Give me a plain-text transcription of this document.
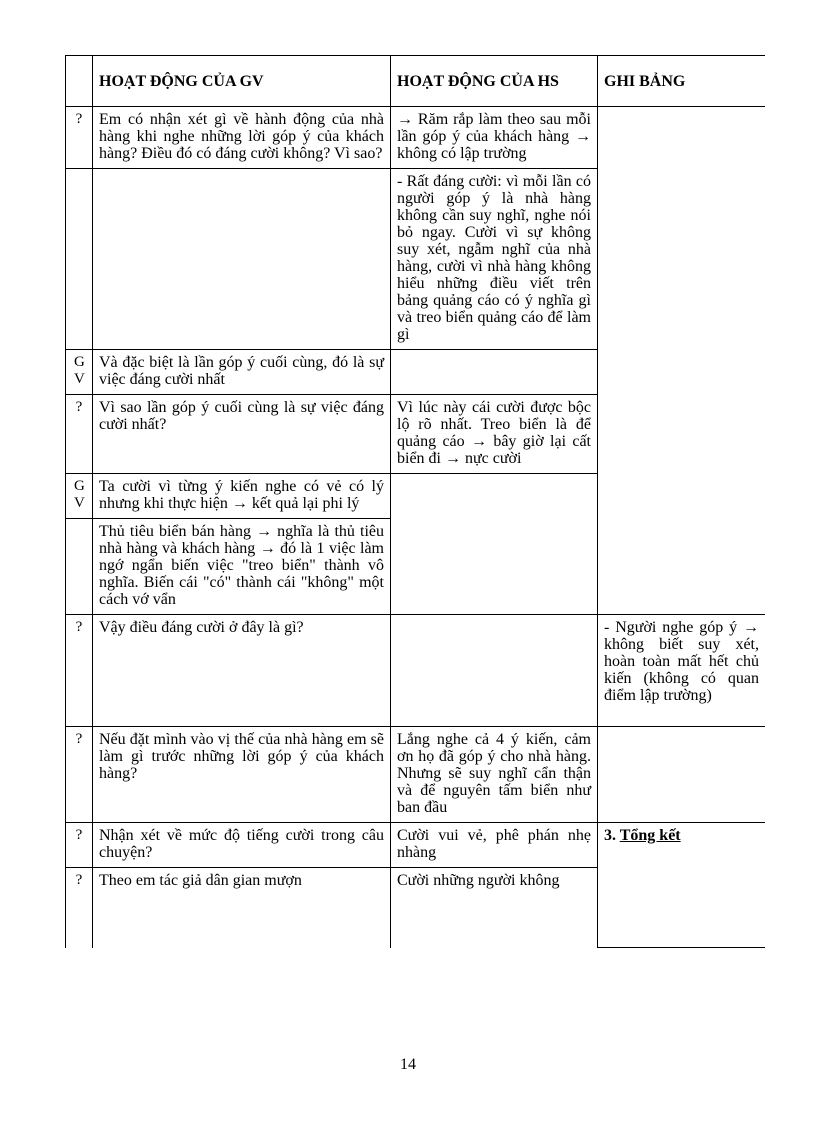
	HOẠT ĐỘNG CỦA GV	HOẠT ĐỘNG CỦA HS	GHI BẢNG

?	Em có nhận xét gì về hành động của nhà hàng khi nghe những lời góp ý của khách hàng? Điều đó có đáng cười không? Vì sao?	→ Răm rắp làm theo sau mỗi lần góp ý của khách hàng → không có lập trường	

		- Rất đáng cười: vì mỗi lần có người góp ý là nhà hàng không cần suy nghĩ, nghe nói bỏ ngay. Cười vì sự không suy xét, ngẫm nghĩ của nhà hàng, cười vì nhà hàng không hiểu những điều viết trên bảng quảng cáo có ý nghĩa gì và treo biển quảng cáo để làm gì	

GV	Và đặc biệt là lần góp ý cuối cùng, đó là sự việc đáng cười nhất		

?	Vì sao lần góp ý cuối cùng là sự việc đáng cười nhất?	Vì lúc này cái cười được bộc lộ rõ nhất. Treo biển là để quảng cáo → bây giờ lại cất biển đi → nực cười	

GV	Ta cười vì từng ý kiến nghe có vẻ có lý nhưng khi thực hiện → kết quả lại phi lý		

	Thủ tiêu biển bán hàng → nghĩa là thủ tiêu nhà hàng và khách hàng → đó là 1 việc làm ngớ ngẩn biến việc "treo biển" thành vô nghĩa. Biến cái "có" thành cái "không" một cách vớ vẩn		

?	Vậy điều đáng cười ở đây là gì?		- Người nghe góp ý → không biết suy xét, hoàn toàn mất hết chủ kiến (không có quan điểm lập trường)

?	Nếu đặt mình vào vị thế của nhà hàng em sẽ làm gì trước những lời góp ý của khách hàng?	Lắng nghe cả 4 ý kiến, cảm ơn họ đã góp ý cho nhà hàng. Nhưng sẽ suy nghĩ cẩn thận và để nguyên tấm biển như ban đầu	

?	Nhận xét về mức độ tiếng cười trong câu chuyện?	Cười vui vẻ, phê phán nhẹ nhàng	3. Tổng kết

?	Theo em tác giả dân gian mượn	Cười những người không	
14
